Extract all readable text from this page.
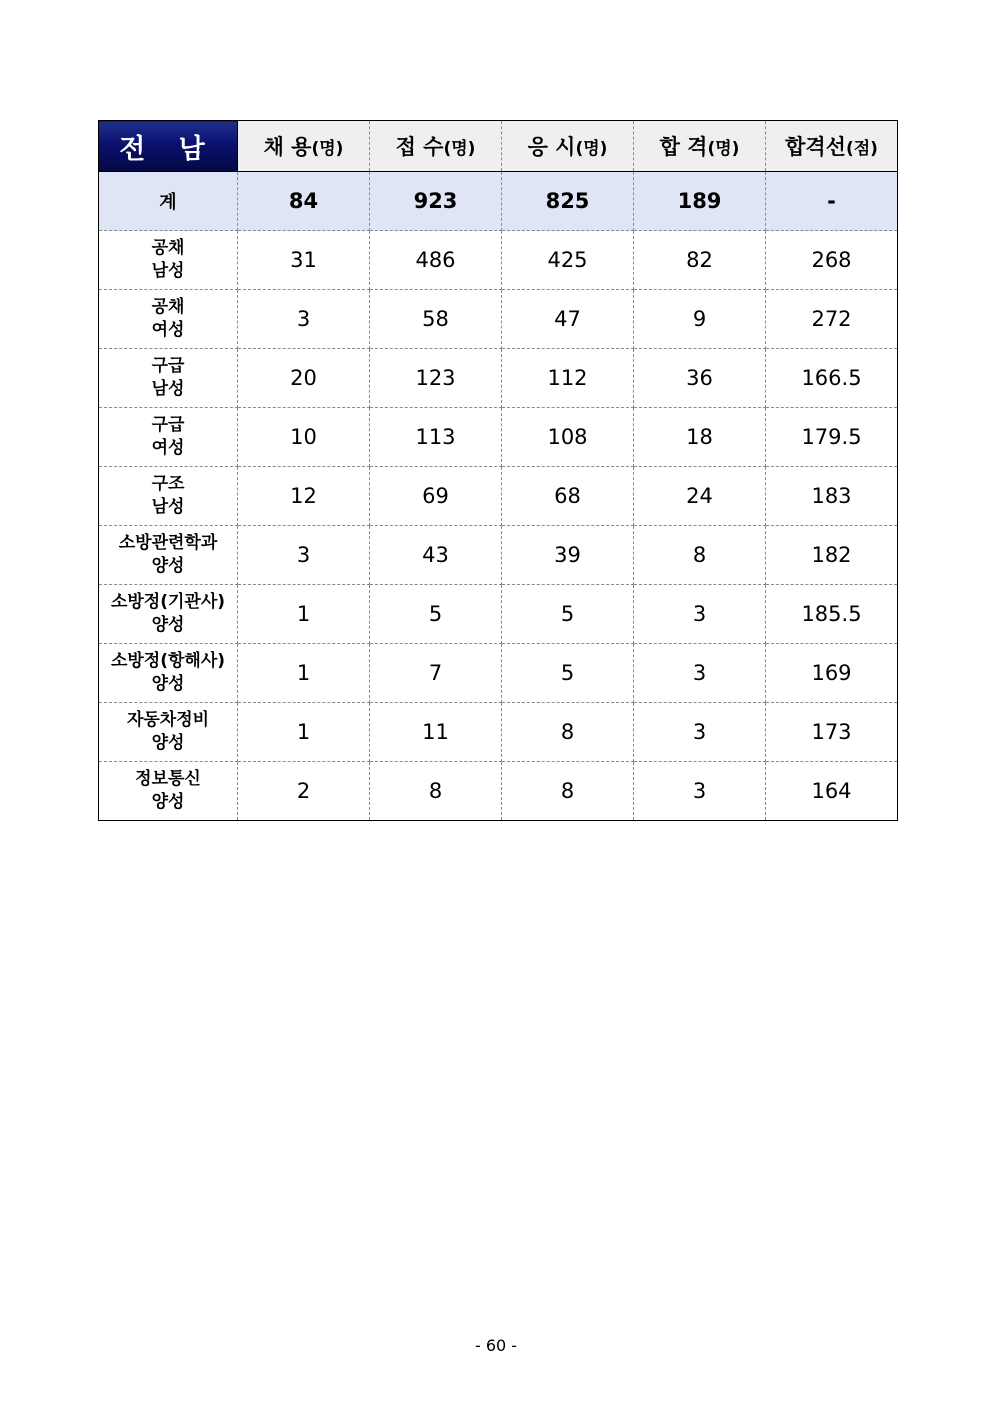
전 남	채 용(명)	접 수(명)	응 시(명)	합 격(명)	합격선(점)
계	84	923	825	189	-

공채
남성	31	486	425	82	268

공채
여성	3	58	47	9	272

구급
남성	20	123	112	36	166.5

구급
여성	10	113	108	18	179.5

구조
남성	12	69	68	24	183

소방관련학과
양성	3	43	39	8	182

소방정(기관사)
양성	1	5	5	3	185.5

소방정(항해사)
양성	1	7	5	3	169

자동차정비
양성	1	11	8	3	173

정보통신
양성	2	8	8	3	164
- 60 -
